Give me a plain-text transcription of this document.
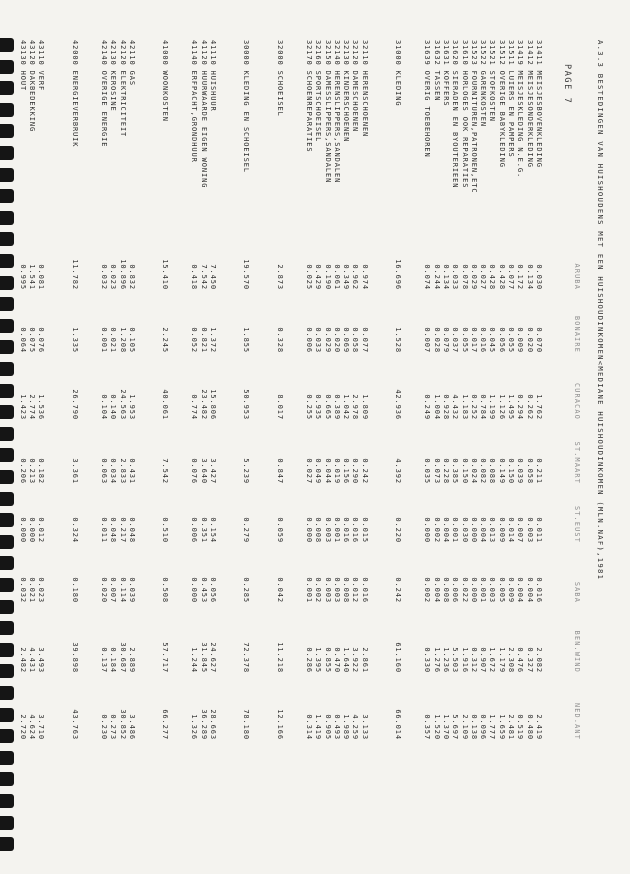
PAGE 7	A.3.3 BESTEDINGEN VAN HUISHOUDENS MET EEN HUISHOUDINKOMEN<MEDIANE HUISHOUDINKOMEN (MLN.NAF),1981
ARUBA
BONAIRE
CURACAO
ST.MAART
ST.EUST
SABA
BEN.WIND
NED.ANT
31411 MEISJESBOVENKLEDING
0.030
0.070
1.762
0.211
0.011
0.016
2.082
2.419
31412 MEISJESONDERKLEDING
0.134
0.020
0.262
0.058
0.003
0.004
0.327
0.480
31419 MEISJESKLEDING N.E.G.
0.172
0.009
0.294
0.039
0.007
0.004
0.476
0.519
31511 LUIERS EN PAMPERS
0.077
0.055
1.495
0.150
0.014
0.009
2.308
2.481
31512 OVERIGE BABYKLEDING
0.428
0.056
1.126
0.149
0.009
0.005
1.179
1.659
31521 STOFKOSTEN
0.428
0.045
1.199
0.088
0.013
0.003
1.672
1.777
31522 GARENKOSTEN
0.027
0.016
0.784
0.082
0.004
0.001
0.907
0.096
31523 FOURNITUREN,PATRONEN,ETC
0.029
0.017
0.252
0.024
0.000
0.000
0.312
0.138
31610 HORLOGES OOK REPARATIES
0.078
0.055
1.183
0.150
0.030
0.022
1.916
2.109
31620 SIERADEN EN BYOUTERIEEN
0.033
0.037
4.432
0.385
0.001
0.006
5.503
5.697
31631 KOFFERS
0.134
0.079
0.928
0.228
0.004
0.008
1.236
1.370
31632 TASSEN
0.244
0.028
1.004
0.073
0.002
0.004
1.276
1.520
31639 OVERIG TOEBEHOREN
0.074
0.007
0.249
0.035
0.000
0.002
0.330
0.357
31000 KLEDING
16.696
1.528
42.936
4.392
0.220
0.242
61.160
66.014
32110 HERENSCHOENEN
0.974
0.077
1.809
0.242
0.015
0.016
2.861
3.133
32120 DAMESCHOENEN
0.962
0.058
2.978
0.290
0.016
0.012
3.922
4.259
32130 KINDERSCHOENEN
0.349
0.069
1.042
0.156
0.016
0.008
1.640
1.989
32140 HERENSLIPPERS,SANDALEN
0.061
0.020
0.389
0.019
0.001
0.003
0.470
0.493
32150 DAMESSLIPPERS,SANDALEN
0.190
0.029
0.665
0.044
0.003
0.003
0.855
0.905
32160 SPORTSCHOEISEL
0.429
0.033
0.935
0.049
0.008
0.002
1.395
1.419
32170 SCHOENREPARATIES
0.025
0.006
0.255
0.027
0.000
0.001
0.286
0.314
32000 SCHOEISEL
2.873
0.328
8.017
0.847
0.059
0.042
11.218
12.166
30000 KLEDING EN SCHOEISEL
19.570
1.855
50.953
5.239
0.279
0.285
72.378
78.180
41110 HUISHUUR
7.450
1.372
15.806
3.427
0.154
0.056
24.627
28.663
41120 HUURWAARDE EIGEN WONING
7.542
0.821
23.482
3.640
0.351
0.453
31.845
36.289
41140 ERFPACHT,GRONDHUUR
0.418
0.052
0.774
0.076
0.006
0.000
1.244
1.326
41000 WOONKOSTEN
15.410
2.245
40.061
7.542
0.510
0.508
57.717
66.277
42110 GAS
0.832
0.105
1.953
0.431
0.048
0.039
2.889
3.486
42120 ELEKTRICITEIT
10.896
1.208
24.563
2.833
0.217
0.114
30.687
30.852
42130 KEROSINE
0.023
0.021
0.140
0.034
0.048
0.007
0.184
0.273
42140 OVERIGE ENERGIE
0.032
0.001
0.104
0.063
0.011
0.020
0.137
0.230
42000 ENERGIEVERBRUIK
11.782
1.335
26.790
3.361
0.324
0.180
39.898
43.763
43110 VERF
0.081
0.076
1.536
0.182
0.012
0.023
3.493
3.710
43120 DAKBEDEKKING
1.541
0.075
2.774
0.213
0.000
0.021
4.431
4.624
43130 HOUT
0.995
0.064
1.423
0.206
0.000
0.032
2.482
2.720
